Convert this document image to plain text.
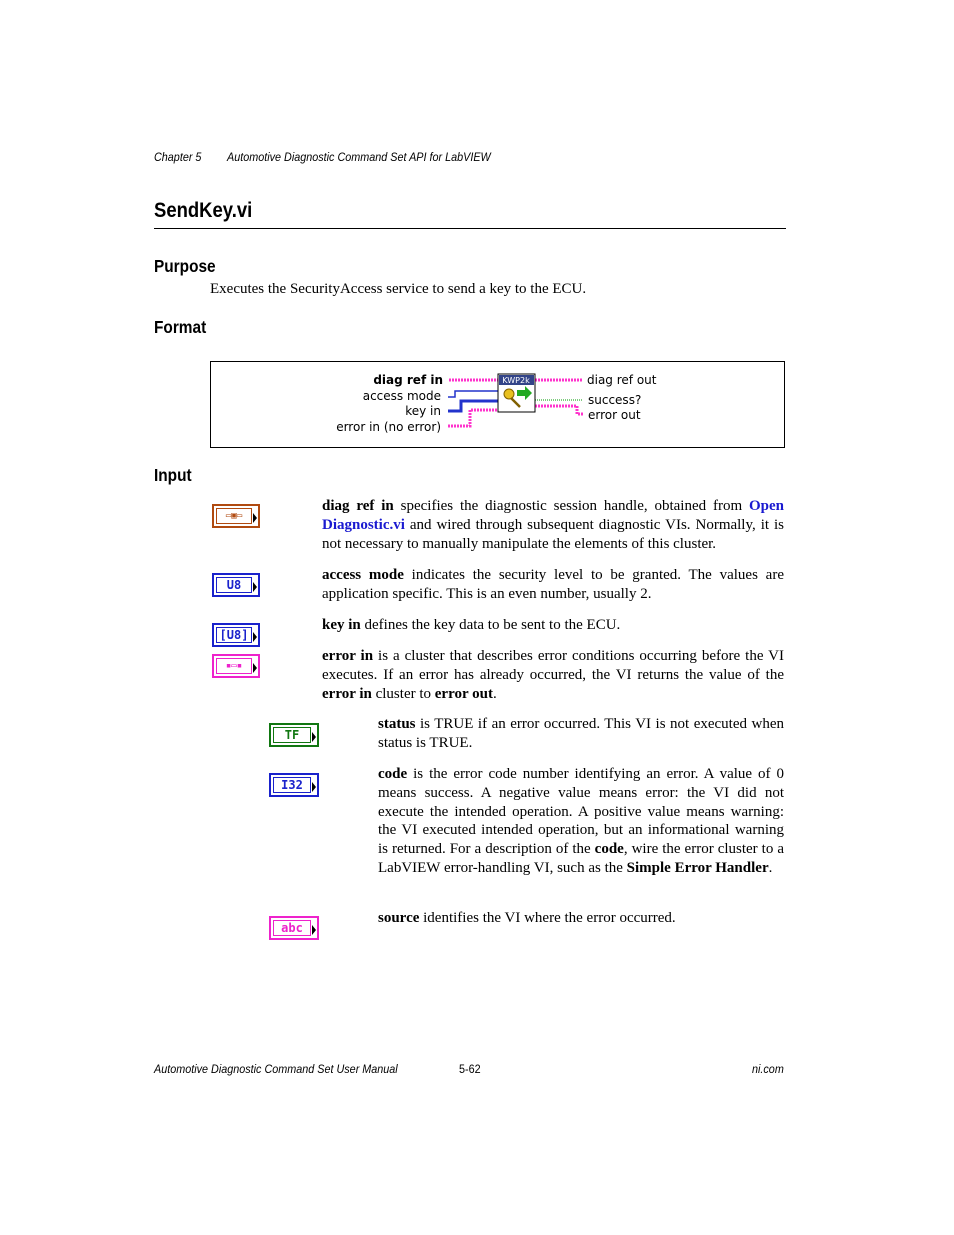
Chapter 5 Automotive Diagnostic Command Set API for LabVIEW
SendKey.vi
Purpose
Executes the SecurityAccess service to send a key to the ECU.
Format
diag ref in
access mode
key in
error in (no error)
diag ref out
success?
error out
KWP2k
Input
▭▣▭
diag ref in specifies the diagnostic session handle, obtained from Open Diagnostic.vi and wired through subsequent diagnostic VIs. Normally, it is not necessary to manually manipulate the elements of this cluster.
U8
access mode indicates the security level to be granted. The values are application specific. This is an even number, usually 2.
[U8]
key in defines the key data to be sent to the ECU.
▪▭▪
error in is a cluster that describes error conditions occurring before the VI executes. If an error has already occurred, the VI returns the value of the error in cluster to error out.
TF
status is TRUE if an error occurred. This VI is not executed when status is TRUE.
I32
code is the error code number identifying an error. A value of 0 means success. A negative value means error: the VI did not execute the intended operation. A positive value means warning: the VI executed intended operation, but an informational warning is returned. For a description of the code, wire the error cluster to a LabVIEW error-handling VI, such as the Simple Error Handler.
abc
source identifies the VI where the error occurred.
Automotive Diagnostic Command Set User Manual	5-62	ni.com
